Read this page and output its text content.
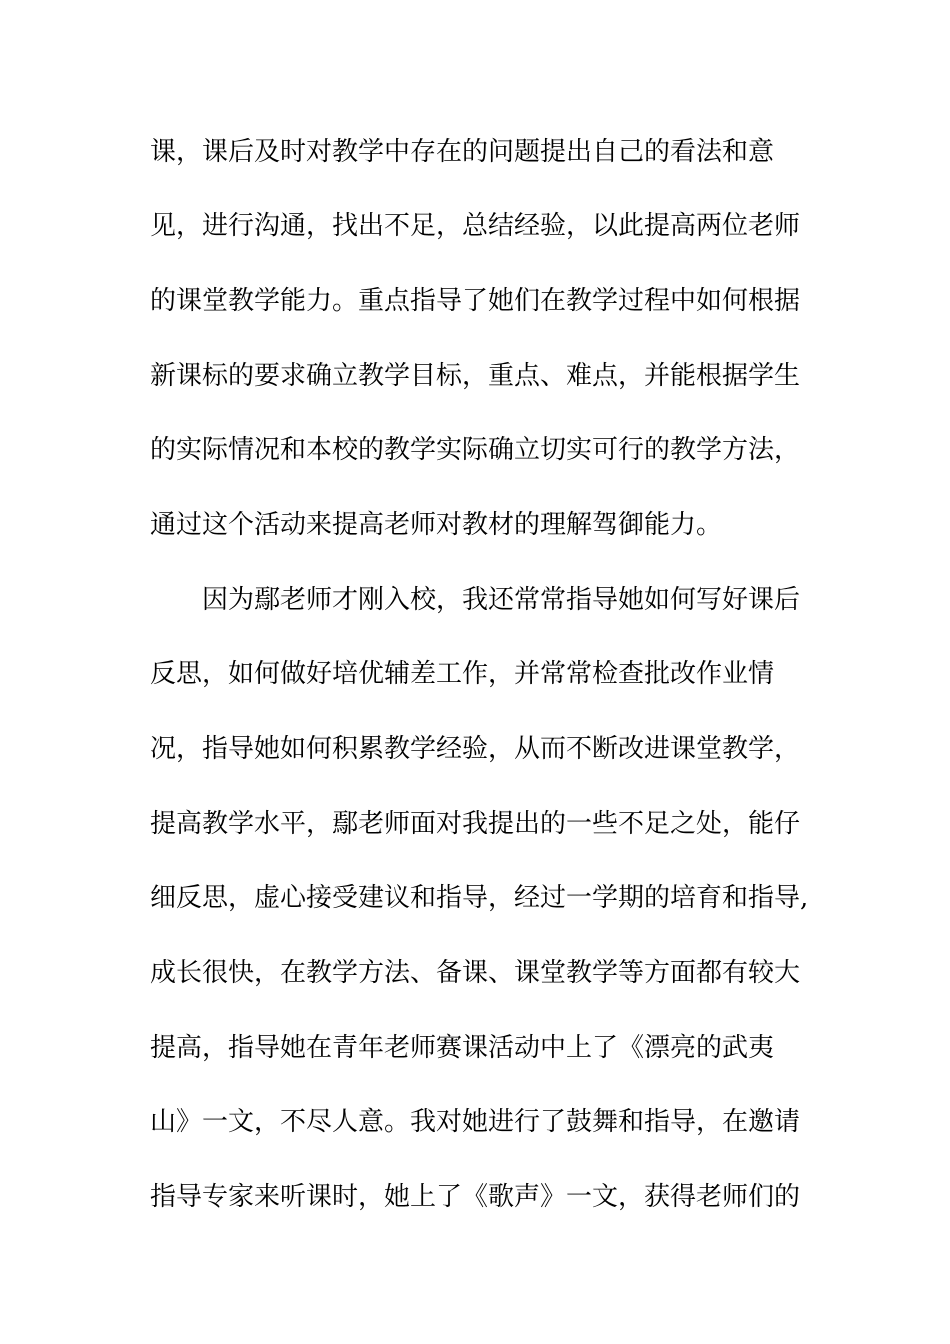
课，课后及时对教学中存在的问题提出自己的看法和意
见，进行沟通，找出不足，总结经验，以此提高两位老师
的课堂教学能力。重点指导了她们在教学过程中如何根据
新课标的要求确立教学目标，重点、难点，并能根据学生
的实际情况和本校的教学实际确立切实可行的教学方法，
通过这个活动来提高老师对教材的理解驾御能力。
因为鄢老师才刚入校，我还常常指导她如何写好课后
反思，如何做好培优辅差工作，并常常检查批改作业情
况，指导她如何积累教学经验，从而不断改进课堂教学，
提高教学水平，鄢老师面对我提出的一些不足之处，能仔
细反思，虚心接受建议和指导，经过一学期的培育和指导,
成长很快，在教学方法、备课、课堂教学等方面都有较大
提高，指导她在青年老师赛课活动中上了《漂亮的武夷
山》一文，不尽人意。我对她进行了鼓舞和指导，在邀请
指导专家来听课时，她上了《歌声》一文，获得老师们的
